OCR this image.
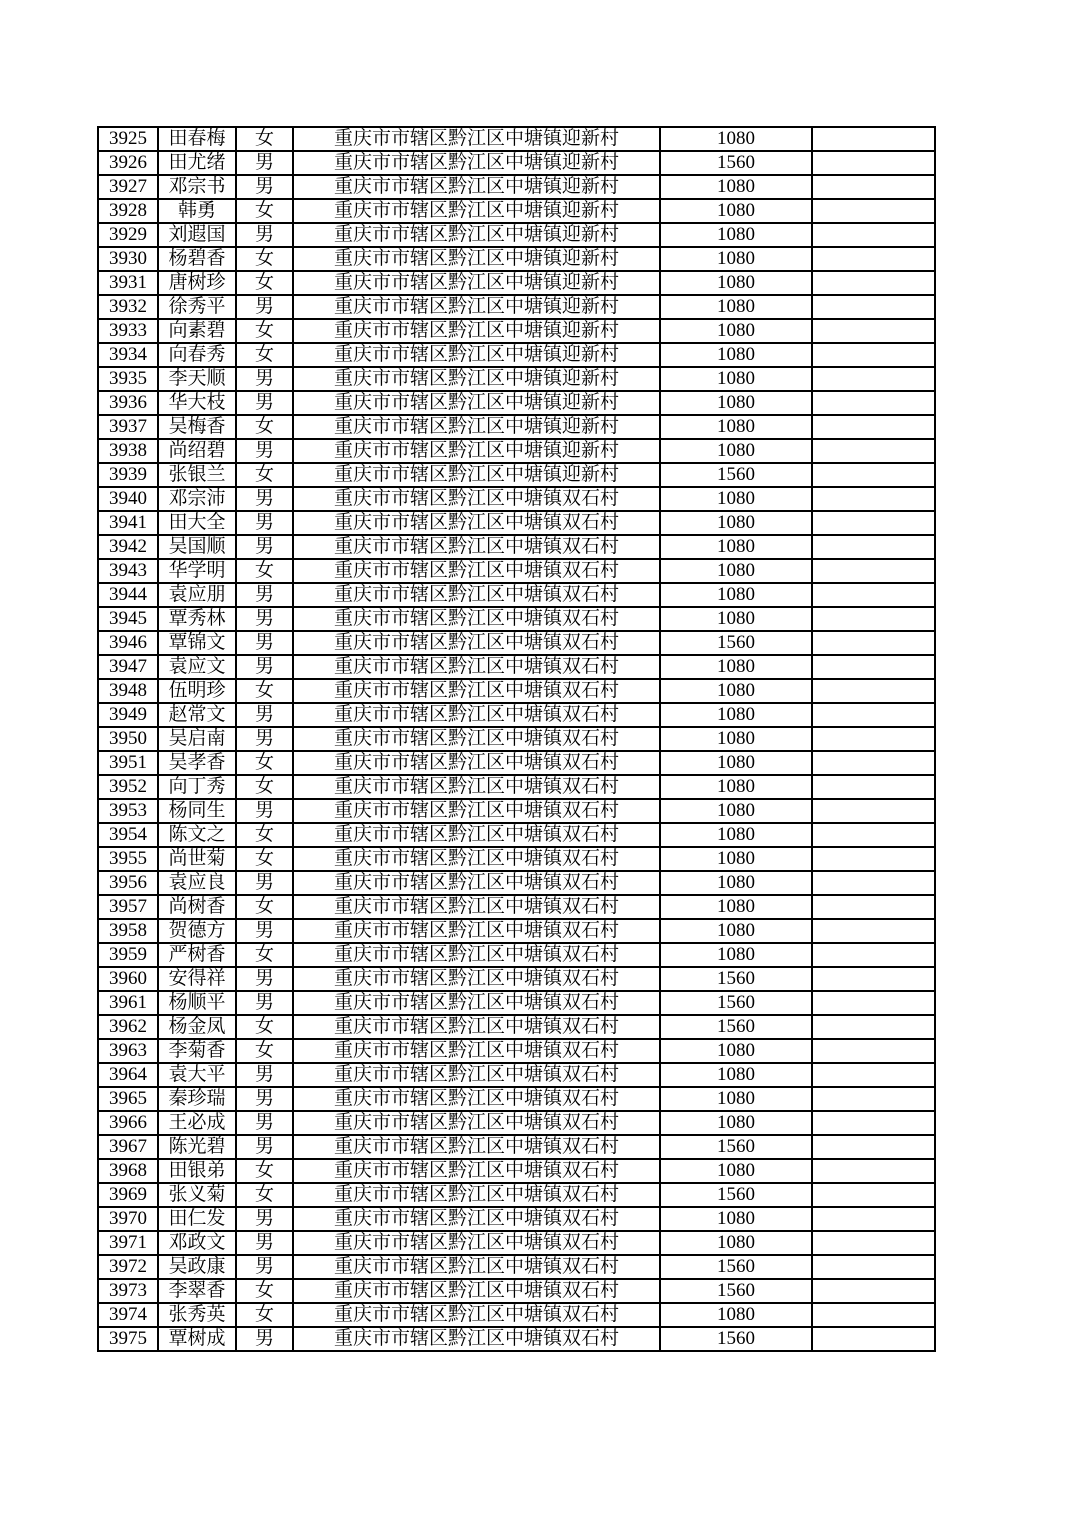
3925	田春梅	女	重庆市市辖区黔江区中塘镇迎新村	1080	
3926	田尤绪	男	重庆市市辖区黔江区中塘镇迎新村	1560	
3927	邓宗书	男	重庆市市辖区黔江区中塘镇迎新村	1080	
3928	韩勇	女	重庆市市辖区黔江区中塘镇迎新村	1080	
3929	刘遐国	男	重庆市市辖区黔江区中塘镇迎新村	1080	
3930	杨碧香	女	重庆市市辖区黔江区中塘镇迎新村	1080	
3931	唐树珍	女	重庆市市辖区黔江区中塘镇迎新村	1080	
3932	徐秀平	男	重庆市市辖区黔江区中塘镇迎新村	1080	
3933	向素碧	女	重庆市市辖区黔江区中塘镇迎新村	1080	
3934	向春秀	女	重庆市市辖区黔江区中塘镇迎新村	1080	
3935	李天顺	男	重庆市市辖区黔江区中塘镇迎新村	1080	
3936	华大枝	男	重庆市市辖区黔江区中塘镇迎新村	1080	
3937	吴梅香	女	重庆市市辖区黔江区中塘镇迎新村	1080	
3938	尚绍碧	男	重庆市市辖区黔江区中塘镇迎新村	1080	
3939	张银兰	女	重庆市市辖区黔江区中塘镇迎新村	1560	
3940	邓宗沛	男	重庆市市辖区黔江区中塘镇双石村	1080	
3941	田大全	男	重庆市市辖区黔江区中塘镇双石村	1080	
3942	吴国顺	男	重庆市市辖区黔江区中塘镇双石村	1080	
3943	华学明	女	重庆市市辖区黔江区中塘镇双石村	1080	
3944	袁应朋	男	重庆市市辖区黔江区中塘镇双石村	1080	
3945	覃秀林	男	重庆市市辖区黔江区中塘镇双石村	1080	
3946	覃锦文	男	重庆市市辖区黔江区中塘镇双石村	1560	
3947	袁应文	男	重庆市市辖区黔江区中塘镇双石村	1080	
3948	伍明珍	女	重庆市市辖区黔江区中塘镇双石村	1080	
3949	赵常文	男	重庆市市辖区黔江区中塘镇双石村	1080	
3950	吴启南	男	重庆市市辖区黔江区中塘镇双石村	1080	
3951	吴孝香	女	重庆市市辖区黔江区中塘镇双石村	1080	
3952	向丁秀	女	重庆市市辖区黔江区中塘镇双石村	1080	
3953	杨同生	男	重庆市市辖区黔江区中塘镇双石村	1080	
3954	陈文之	女	重庆市市辖区黔江区中塘镇双石村	1080	
3955	尚世菊	女	重庆市市辖区黔江区中塘镇双石村	1080	
3956	袁应良	男	重庆市市辖区黔江区中塘镇双石村	1080	
3957	尚树香	女	重庆市市辖区黔江区中塘镇双石村	1080	
3958	贺德方	男	重庆市市辖区黔江区中塘镇双石村	1080	
3959	严树香	女	重庆市市辖区黔江区中塘镇双石村	1080	
3960	安得祥	男	重庆市市辖区黔江区中塘镇双石村	1560	
3961	杨顺平	男	重庆市市辖区黔江区中塘镇双石村	1560	
3962	杨金凤	女	重庆市市辖区黔江区中塘镇双石村	1560	
3963	李菊香	女	重庆市市辖区黔江区中塘镇双石村	1080	
3964	袁大平	男	重庆市市辖区黔江区中塘镇双石村	1080	
3965	秦珍瑞	男	重庆市市辖区黔江区中塘镇双石村	1080	
3966	王必成	男	重庆市市辖区黔江区中塘镇双石村	1080	
3967	陈光碧	男	重庆市市辖区黔江区中塘镇双石村	1560	
3968	田银弟	女	重庆市市辖区黔江区中塘镇双石村	1080	
3969	张义菊	女	重庆市市辖区黔江区中塘镇双石村	1560	
3970	田仁发	男	重庆市市辖区黔江区中塘镇双石村	1080	
3971	邓政文	男	重庆市市辖区黔江区中塘镇双石村	1080	
3972	吴政康	男	重庆市市辖区黔江区中塘镇双石村	1560	
3973	李翠香	女	重庆市市辖区黔江区中塘镇双石村	1560	
3974	张秀英	女	重庆市市辖区黔江区中塘镇双石村	1080	
3975	覃树成	男	重庆市市辖区黔江区中塘镇双石村	1560	
